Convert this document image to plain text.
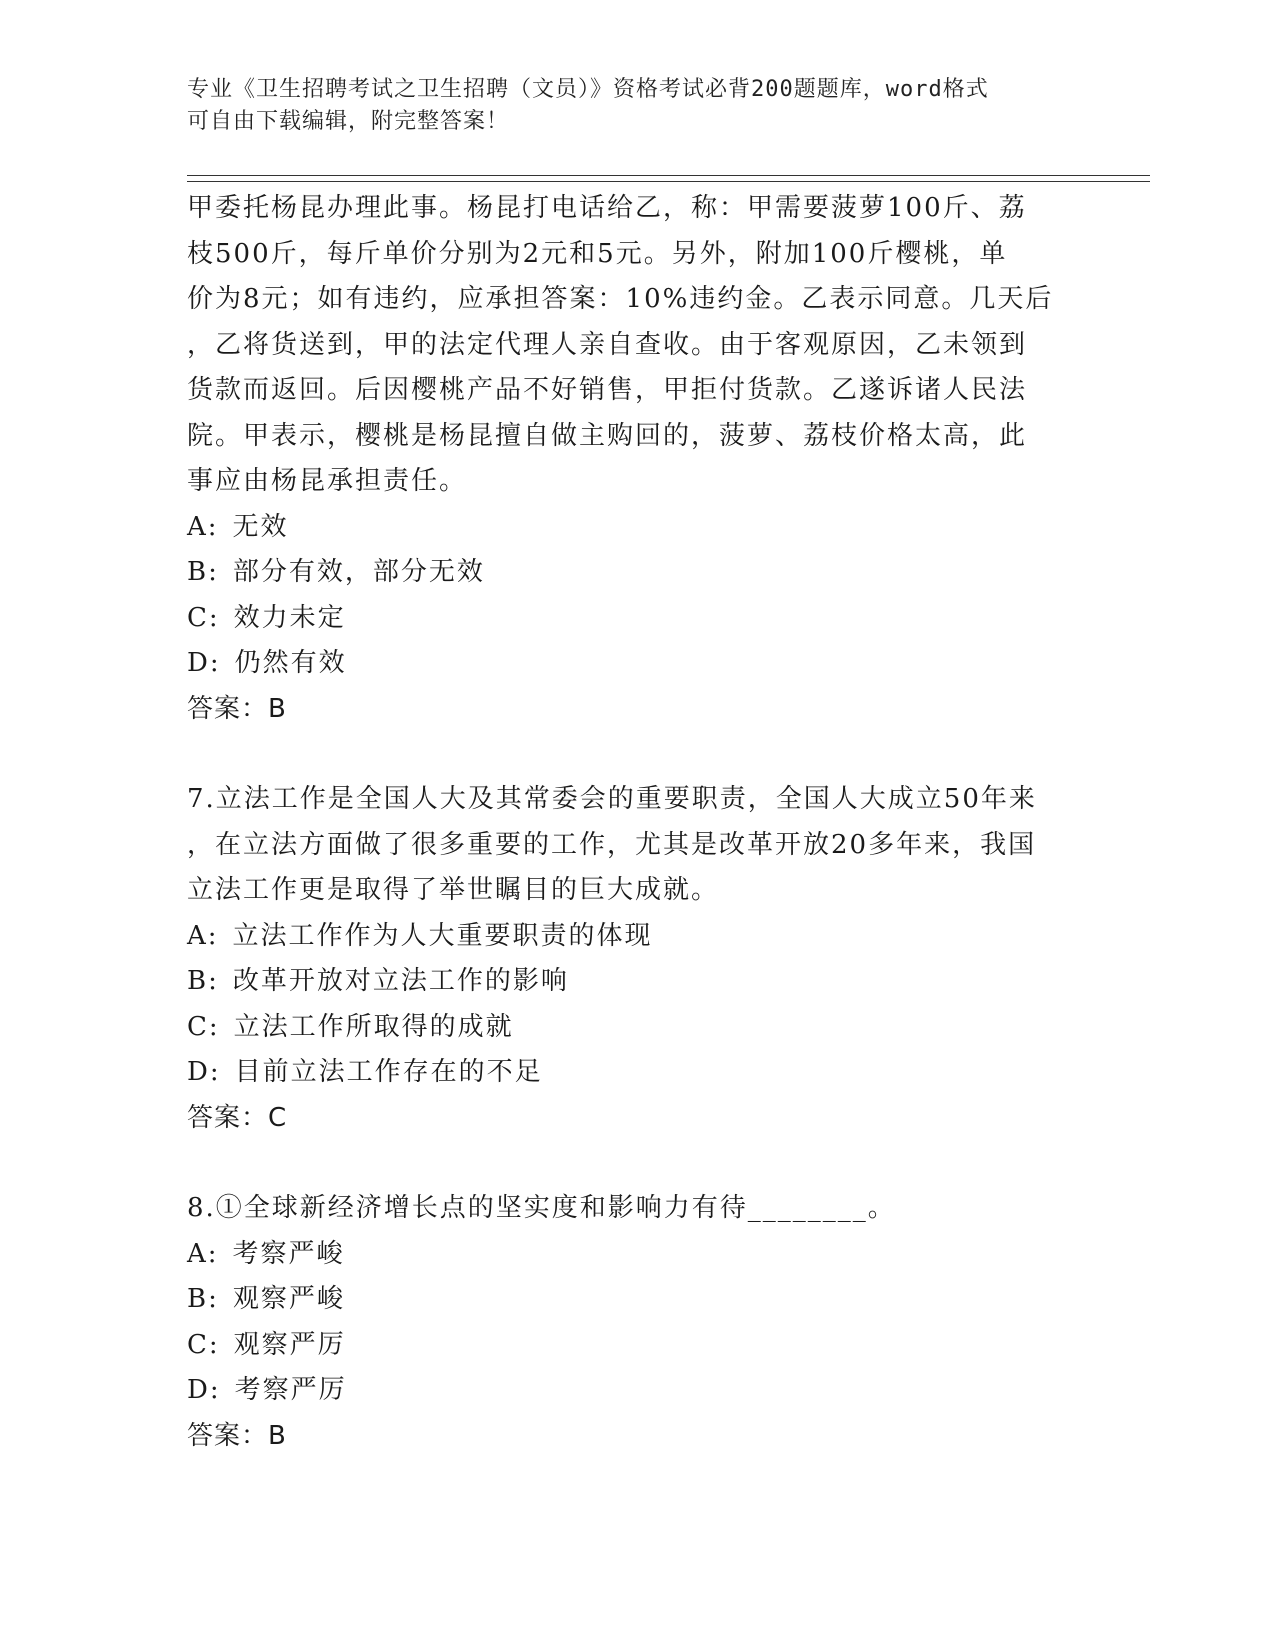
专业《卫生招聘考试之卫生招聘（文员）》资格考试必背200题题库，word格式
可自由下载编辑，附完整答案！

甲委托杨昆办理此事。杨昆打电话给乙，称：甲需要菠萝100斤、荔

枝500斤，每斤单价分别为2元和5元。另外，附加100斤樱桃，单

价为8元；如有违约，应承担答案：10%违约金。乙表示同意。几天后

，乙将货送到，甲的法定代理人亲自查收。由于客观原因，乙未领到

货款而返回。后因樱桃产品不好销售，甲拒付货款。乙遂诉诸人民法

院。甲表示，樱桃是杨昆擅自做主购回的，菠萝、荔枝价格太高，此

事应由杨昆承担责任。

A: 无效

B: 部分有效，部分无效

C: 效力未定

D: 仍然有效

答案：B

7.立法工作是全国人大及其常委会的重要职责，全国人大成立50年来

，在立法方面做了很多重要的工作，尤其是改革开放20多年来，我国

立法工作更是取得了举世瞩目的巨大成就。

A: 立法工作作为人大重要职责的体现

B: 改革开放对立法工作的影响

C: 立法工作所取得的成就

D: 目前立法工作存在的不足

答案：C

8.①全球新经济增长点的坚实度和影响力有待________。

A: 考察严峻

B: 观察严峻

C: 观察严厉

D: 考察严厉

答案：B
